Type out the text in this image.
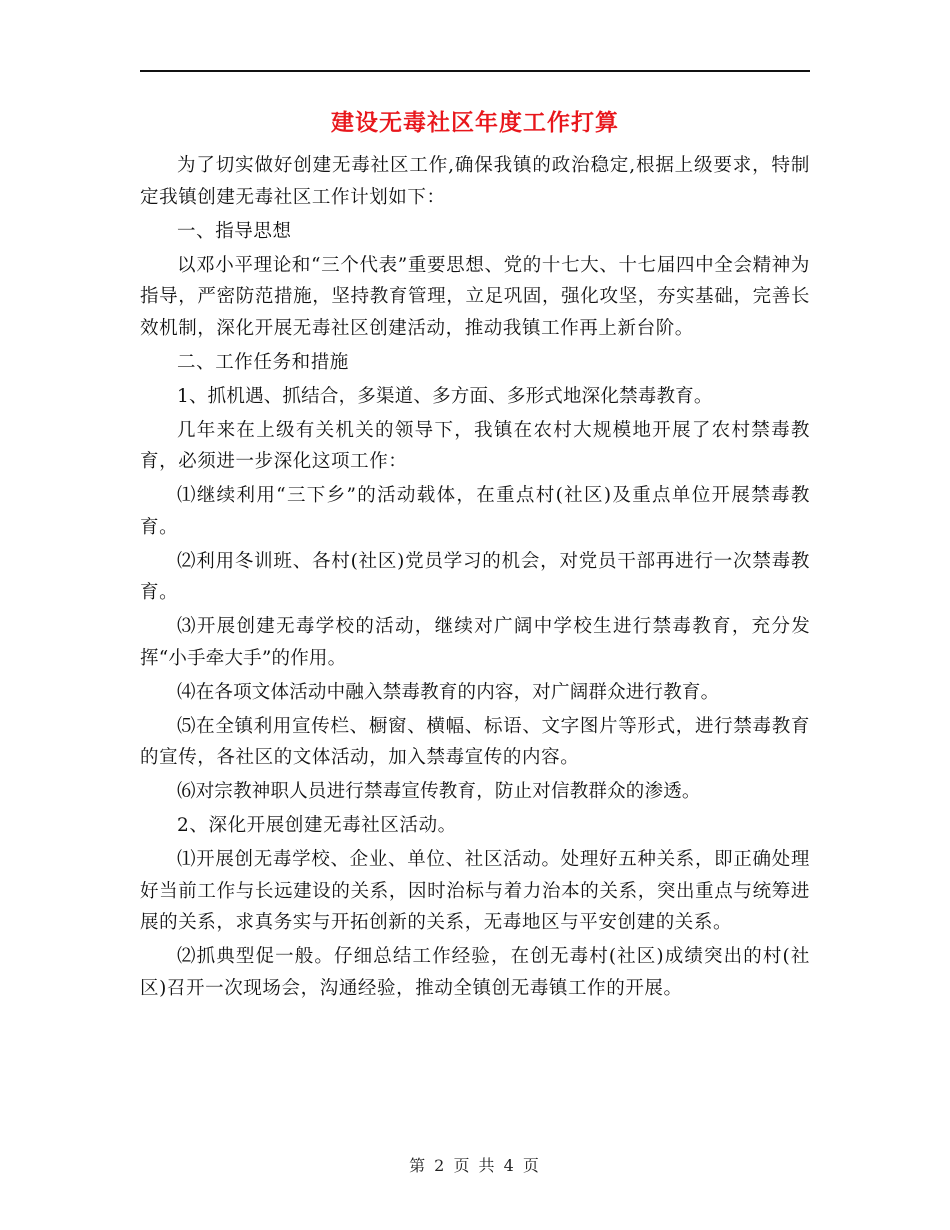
建设无毒社区年度工作打算

为了切实做好创建无毒社区工作,确保我镇的政治稳定,根据上级要求，特制定我镇创建无毒社区工作计划如下：

一、指导思想

以邓小平理论和“三个代表”重要思想、党的十七大、十七届四中全会精神为指导，严密防范措施，坚持教育管理，立足巩固，强化攻坚，夯实基础，完善长效机制，深化开展无毒社区创建活动，推动我镇工作再上新台阶。

二、工作任务和措施

1、抓机遇、抓结合，多渠道、多方面、多形式地深化禁毒教育。

几年来在上级有关机关的领导下，我镇在农村大规模地开展了农村禁毒教育，必须进一步深化这项工作：

⑴继续利用“三下乡”的活动载体，在重点村(社区)及重点单位开展禁毒教育。

⑵利用冬训班、各村(社区)党员学习的机会，对党员干部再进行一次禁毒教育。

⑶开展创建无毒学校的活动，继续对广阔中学校生进行禁毒教育，充分发挥“小手牵大手”的作用。

⑷在各项文体活动中融入禁毒教育的内容，对广阔群众进行教育。

⑸在全镇利用宣传栏、橱窗、横幅、标语、文字图片等形式，进行禁毒教育的宣传，各社区的文体活动，加入禁毒宣传的内容。

⑹对宗教神职人员进行禁毒宣传教育，防止对信教群众的渗透。

2、深化开展创建无毒社区活动。

⑴开展创无毒学校、企业、单位、社区活动。处理好五种关系，即正确处理好当前工作与长远建设的关系，因时治标与着力治本的关系，突出重点与统筹进展的关系，求真务实与开拓创新的关系，无毒地区与平安创建的关系。

⑵抓典型促一般。仔细总结工作经验，在创无毒村(社区)成绩突出的村(社区)召开一次现场会，沟通经验，推动全镇创无毒镇工作的开展。

第 2 页 共 4 页
